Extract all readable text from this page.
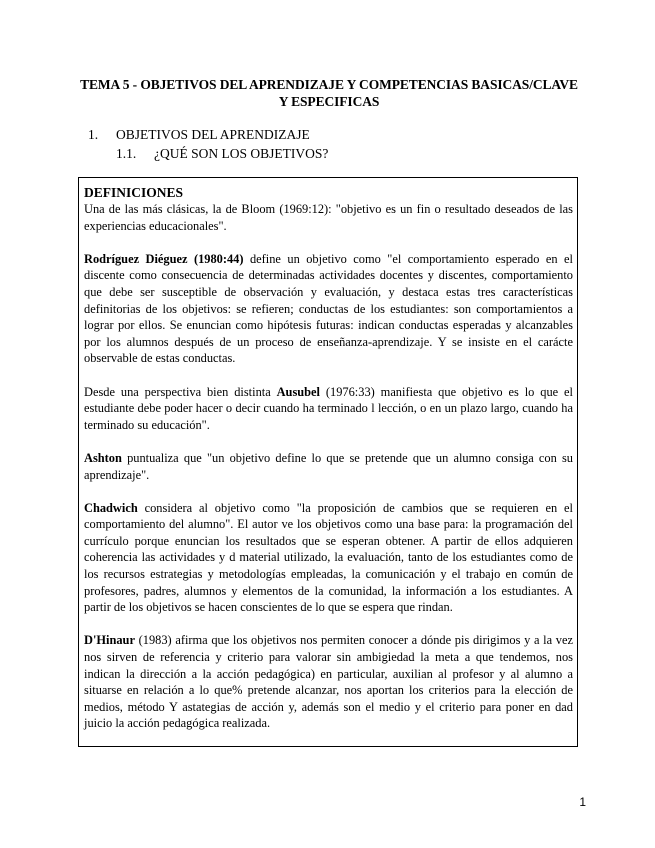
TEMA 5 - OBJETIVOS DEL APRENDIZAJE Y COMPETENCIAS BASICAS/CLAVE Y ESPECIFICAS
1. OBJETIVOS DEL APRENDIZAJE
1.1. ¿QUÉ SON LOS OBJETIVOS?
DEFINICIONES

Una de las más clásicas, la de Bloom (1969:12): "objetivo es un fin o resultado deseados de las experiencias educacionales".

Rodríguez Diéguez (1980:44) define un objetivo como "el comportamiento esperado en el discente como consecuencia de determinadas actividades docentes y discentes, comportamiento que debe ser susceptible de observación y evaluación, y destaca estas tres características definitorias de los objetivos: se refieren; conductas de los estudiantes: son comportamientos a lograr por ellos. Se enuncian como hipótesis futuras: indican conductas esperadas y alcanzables por los alumnos después de un proceso de enseñanza-aprendizaje. Y se insiste en el carácte observable de estas conductas.

Desde una perspectiva bien distinta Ausubel (1976:33) manifiesta que objetivo es lo que el estudiante debe poder hacer o decir cuando ha terminado l lección, o en un plazo largo, cuando ha terminado su educación".

Ashton puntualiza que "un objetivo define lo que se pretende que un alumno consiga con su aprendizaje".

Chadwich considera al objetivo como "la proposición de cambios que se requieren en el comportamiento del alumno". El autor ve los objetivos como una base para: la programación del currículo porque enuncian los resultados que se esperan obtener. A partir de ellos adquieren coherencia las actividades y d material utilizado, la evaluación, tanto de los estudiantes como de los recursos estrategias y metodologías empleadas, la comunicación y el trabajo en común de profesores, padres, alumnos y elementos de la comunidad, la información a los estudiantes. A partir de los objetivos se hacen conscientes de lo que se espera que rindan.

D'Hinaur (1983) afirma que los objetivos nos permiten conocer a dónde pis dirigimos y a la vez nos sirven de referencia y criterio para valorar sin ambigiedad la meta a que tendemos, nos indican la dirección a la acción pedagógica) en particular, auxilian al profesor y al alumno a situarse en relación a lo que% pretende alcanzar, nos aportan los criterios para la elección de medios, método Y astategias de acción y, además son el medio y el criterio para poner en dad juicio la acción pedagógica realizada.

1
